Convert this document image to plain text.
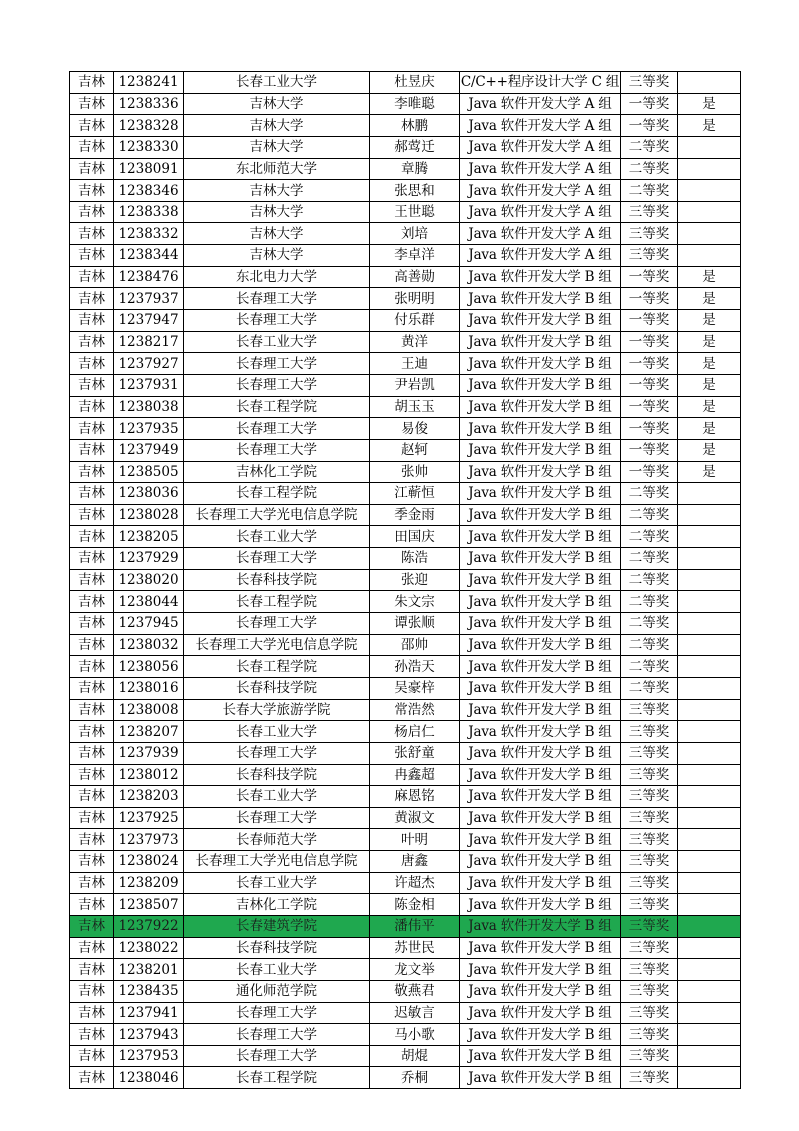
吉林	1238241	长春工业大学	杜昱庆	C/C++程序设计大学 C 组	三等奖	
吉林	1238336	吉林大学	李唯聪	Java 软件开发大学 A 组	一等奖	是
吉林	1238328	吉林大学	林鹏	Java 软件开发大学 A 组	一等奖	是
吉林	1238330	吉林大学	郝莺迁	Java 软件开发大学 A 组	二等奖	
吉林	1238091	东北师范大学	章腾	Java 软件开发大学 A 组	二等奖	
吉林	1238346	吉林大学	张思和	Java 软件开发大学 A 组	二等奖	
吉林	1238338	吉林大学	王世聪	Java 软件开发大学 A 组	三等奖	
吉林	1238332	吉林大学	刘培	Java 软件开发大学 A 组	三等奖	
吉林	1238344	吉林大学	李卓洋	Java 软件开发大学 A 组	三等奖	
吉林	1238476	东北电力大学	高善勋	Java 软件开发大学 B 组	一等奖	是
吉林	1237937	长春理工大学	张明明	Java 软件开发大学 B 组	一等奖	是
吉林	1237947	长春理工大学	付乐群	Java 软件开发大学 B 组	一等奖	是
吉林	1238217	长春工业大学	黄洋	Java 软件开发大学 B 组	一等奖	是
吉林	1237927	长春理工大学	王迪	Java 软件开发大学 B 组	一等奖	是
吉林	1237931	长春理工大学	尹岩凯	Java 软件开发大学 B 组	一等奖	是
吉林	1238038	长春工程学院	胡玉玉	Java 软件开发大学 B 组	一等奖	是
吉林	1237935	长春理工大学	易俊	Java 软件开发大学 B 组	一等奖	是
吉林	1237949	长春理工大学	赵轲	Java 软件开发大学 B 组	一等奖	是
吉林	1238505	吉林化工学院	张帅	Java 软件开发大学 B 组	一等奖	是
吉林	1238036	长春工程学院	江蕲恒	Java 软件开发大学 B 组	二等奖	
吉林	1238028	长春理工大学光电信息学院	季金雨	Java 软件开发大学 B 组	二等奖	
吉林	1238205	长春工业大学	田国庆	Java 软件开发大学 B 组	二等奖	
吉林	1237929	长春理工大学	陈浩	Java 软件开发大学 B 组	二等奖	
吉林	1238020	长春科技学院	张迎	Java 软件开发大学 B 组	二等奖	
吉林	1238044	长春工程学院	朱文宗	Java 软件开发大学 B 组	二等奖	
吉林	1237945	长春理工大学	谭张顺	Java 软件开发大学 B 组	二等奖	
吉林	1238032	长春理工大学光电信息学院	邵帅	Java 软件开发大学 B 组	二等奖	
吉林	1238056	长春工程学院	孙浩天	Java 软件开发大学 B 组	二等奖	
吉林	1238016	长春科技学院	吴豪梓	Java 软件开发大学 B 组	二等奖	
吉林	1238008	长春大学旅游学院	常浩然	Java 软件开发大学 B 组	三等奖	
吉林	1238207	长春工业大学	杨启仁	Java 软件开发大学 B 组	三等奖	
吉林	1237939	长春理工大学	张舒童	Java 软件开发大学 B 组	三等奖	
吉林	1238012	长春科技学院	冉鑫超	Java 软件开发大学 B 组	三等奖	
吉林	1238203	长春工业大学	麻恩铭	Java 软件开发大学 B 组	三等奖	
吉林	1237925	长春理工大学	黄淑文	Java 软件开发大学 B 组	三等奖	
吉林	1237973	长春师范大学	叶明	Java 软件开发大学 B 组	三等奖	
吉林	1238024	长春理工大学光电信息学院	唐鑫	Java 软件开发大学 B 组	三等奖	
吉林	1238209	长春工业大学	许超杰	Java 软件开发大学 B 组	三等奖	
吉林	1238507	吉林化工学院	陈金相	Java 软件开发大学 B 组	三等奖	
吉林	1237922	长春建筑学院	潘伟平	Java 软件开发大学 B 组	三等奖	
吉林	1238022	长春科技学院	苏世民	Java 软件开发大学 B 组	三等奖	
吉林	1238201	长春工业大学	龙文举	Java 软件开发大学 B 组	三等奖	
吉林	1238435	通化师范学院	敬燕君	Java 软件开发大学 B 组	三等奖	
吉林	1237941	长春理工大学	迟敏言	Java 软件开发大学 B 组	三等奖	
吉林	1237943	长春理工大学	马小歌	Java 软件开发大学 B 组	三等奖	
吉林	1237953	长春理工大学	胡焜	Java 软件开发大学 B 组	三等奖	
吉林	1238046	长春工程学院	乔桐	Java 软件开发大学 B 组	三等奖	
